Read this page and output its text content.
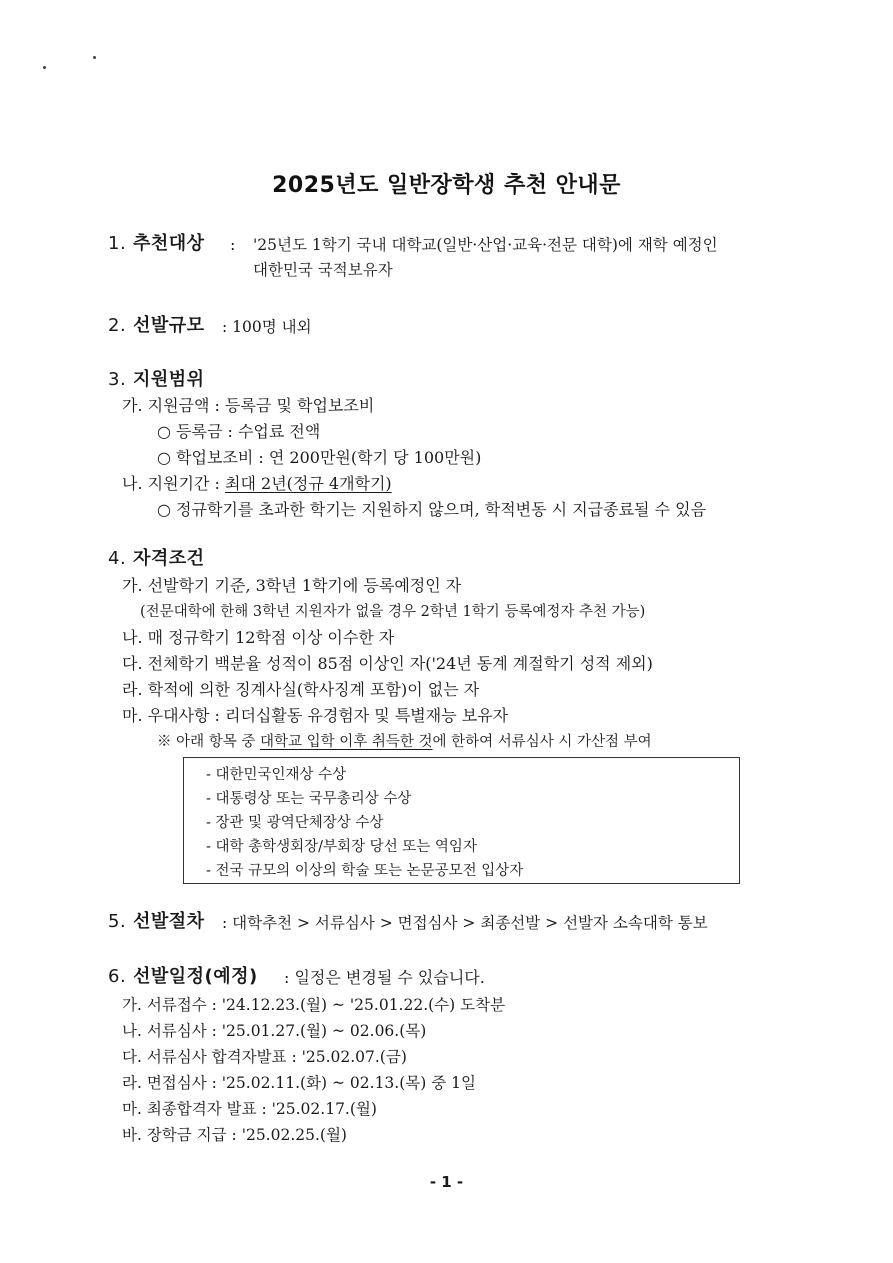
2025년도 일반장학생 추천 안내문
1. 추천대상 : '25년도 1학기 국내 대학교(일반·산업·교육·전문 대학)에 재학 예정인
대한민국 국적보유자
2. 선발규모 : 100명 내외
3. 지원범위
가. 지원금액 : 등록금 및 학업보조비
○ 등록금 : 수업료 전액
○ 학업보조비 : 연 200만원(학기 당 100만원)
나. 지원기간 : 최대 2년(정규 4개학기)
○ 정규학기를 초과한 학기는 지원하지 않으며, 학적변동 시 지급종료될 수 있음
4. 자격조건
가. 선발학기 기준, 3학년 1학기에 등록예정인 자
(전문대학에 한해 3학년 지원자가 없을 경우 2학년 1학기 등록예정자 추천 가능)
나. 매 정규학기 12학점 이상 이수한 자
다. 전체학기 백분율 성적이 85점 이상인 자('24년 동계 계절학기 성적 제외)
라. 학적에 의한 징계사실(학사징계 포함)이 없는 자
마. 우대사항 : 리더십활동 유경험자 및 특별재능 보유자
※ 아래 항목 중 대학교 입학 이후 취득한 것에 한하여 서류심사 시 가산점 부여
- 대한민국인재상 수상
- 대통령상 또는 국무총리상 수상
- 장관 및 광역단체장상 수상
- 대학 총학생회장/부회장 당선 또는 역임자
- 전국 규모의 이상의 학술 또는 논문공모전 입상자
5. 선발절차 : 대학추천 > 서류심사 > 면접심사 > 최종선발 > 선발자 소속대학 통보
6. 선발일정(예정) : 일정은 변경될 수 있습니다.
가. 서류접수 : '24.12.23.(월) ~ '25.01.22.(수) 도착분
나. 서류심사 : '25.01.27.(월) ~ 02.06.(목)
다. 서류심사 합격자발표 : '25.02.07.(금)
라. 면접심사 : '25.02.11.(화) ~ 02.13.(목) 중 1일
마. 최종합격자 발표 : '25.02.17.(월)
바. 장학금 지급 : '25.02.25.(월)
- 1 -
